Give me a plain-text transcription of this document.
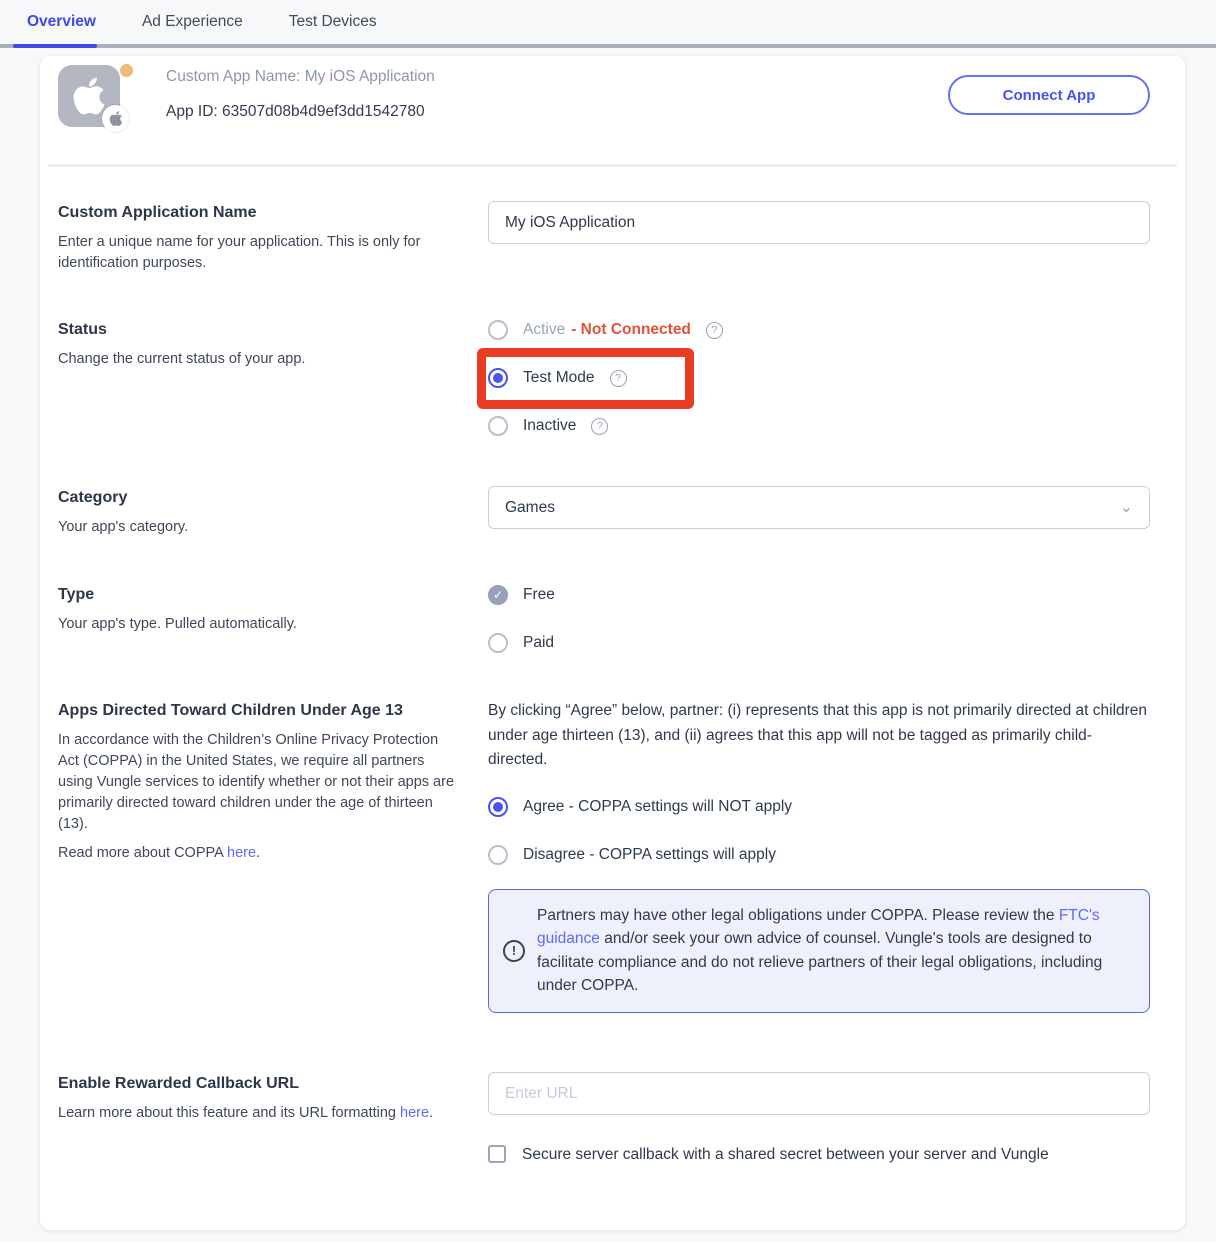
Overview	Ad Experience	Test Devices
Custom App Name: My iOS Application
App ID: 63507d08b4d9ef3dd1542780
Connect App
Custom Application Name
Enter a unique name for your application. This is only for identification purposes.
My iOS Application
Status
Change the current status of your app.
Active - Not Connected	?
Test Mode	?
Inactive	?
Category
Your app's category.
Games	⌄
Type
Your app's type. Pulled automatically.
✓	Free
Paid
Apps Directed Toward Children Under Age 13
In accordance with the Children’s Online Privacy Protection Act (COPPA) in the United States, we require all partners using Vungle services to identify whether or not their apps are primarily directed toward children under the age of thirteen (13).
Read more about COPPA here.
By clicking “Agree” below, partner: (i) represents that this app is not primarily directed at children under age thirteen (13), and (ii) agrees that this app will not be tagged as primarily child-directed.
Agree - COPPA settings will NOT apply
Disagree - COPPA settings will apply
!
Partners may have other legal obligations under COPPA. Please review the FTC's guidance and/or seek your own advice of counsel. Vungle's tools are designed to facilitate compliance and do not relieve partners of their legal obligations, including under COPPA.
Enable Rewarded Callback URL
Learn more about this feature and its URL formatting here.
Enter URL
Secure server callback with a shared secret between your server and Vungle
